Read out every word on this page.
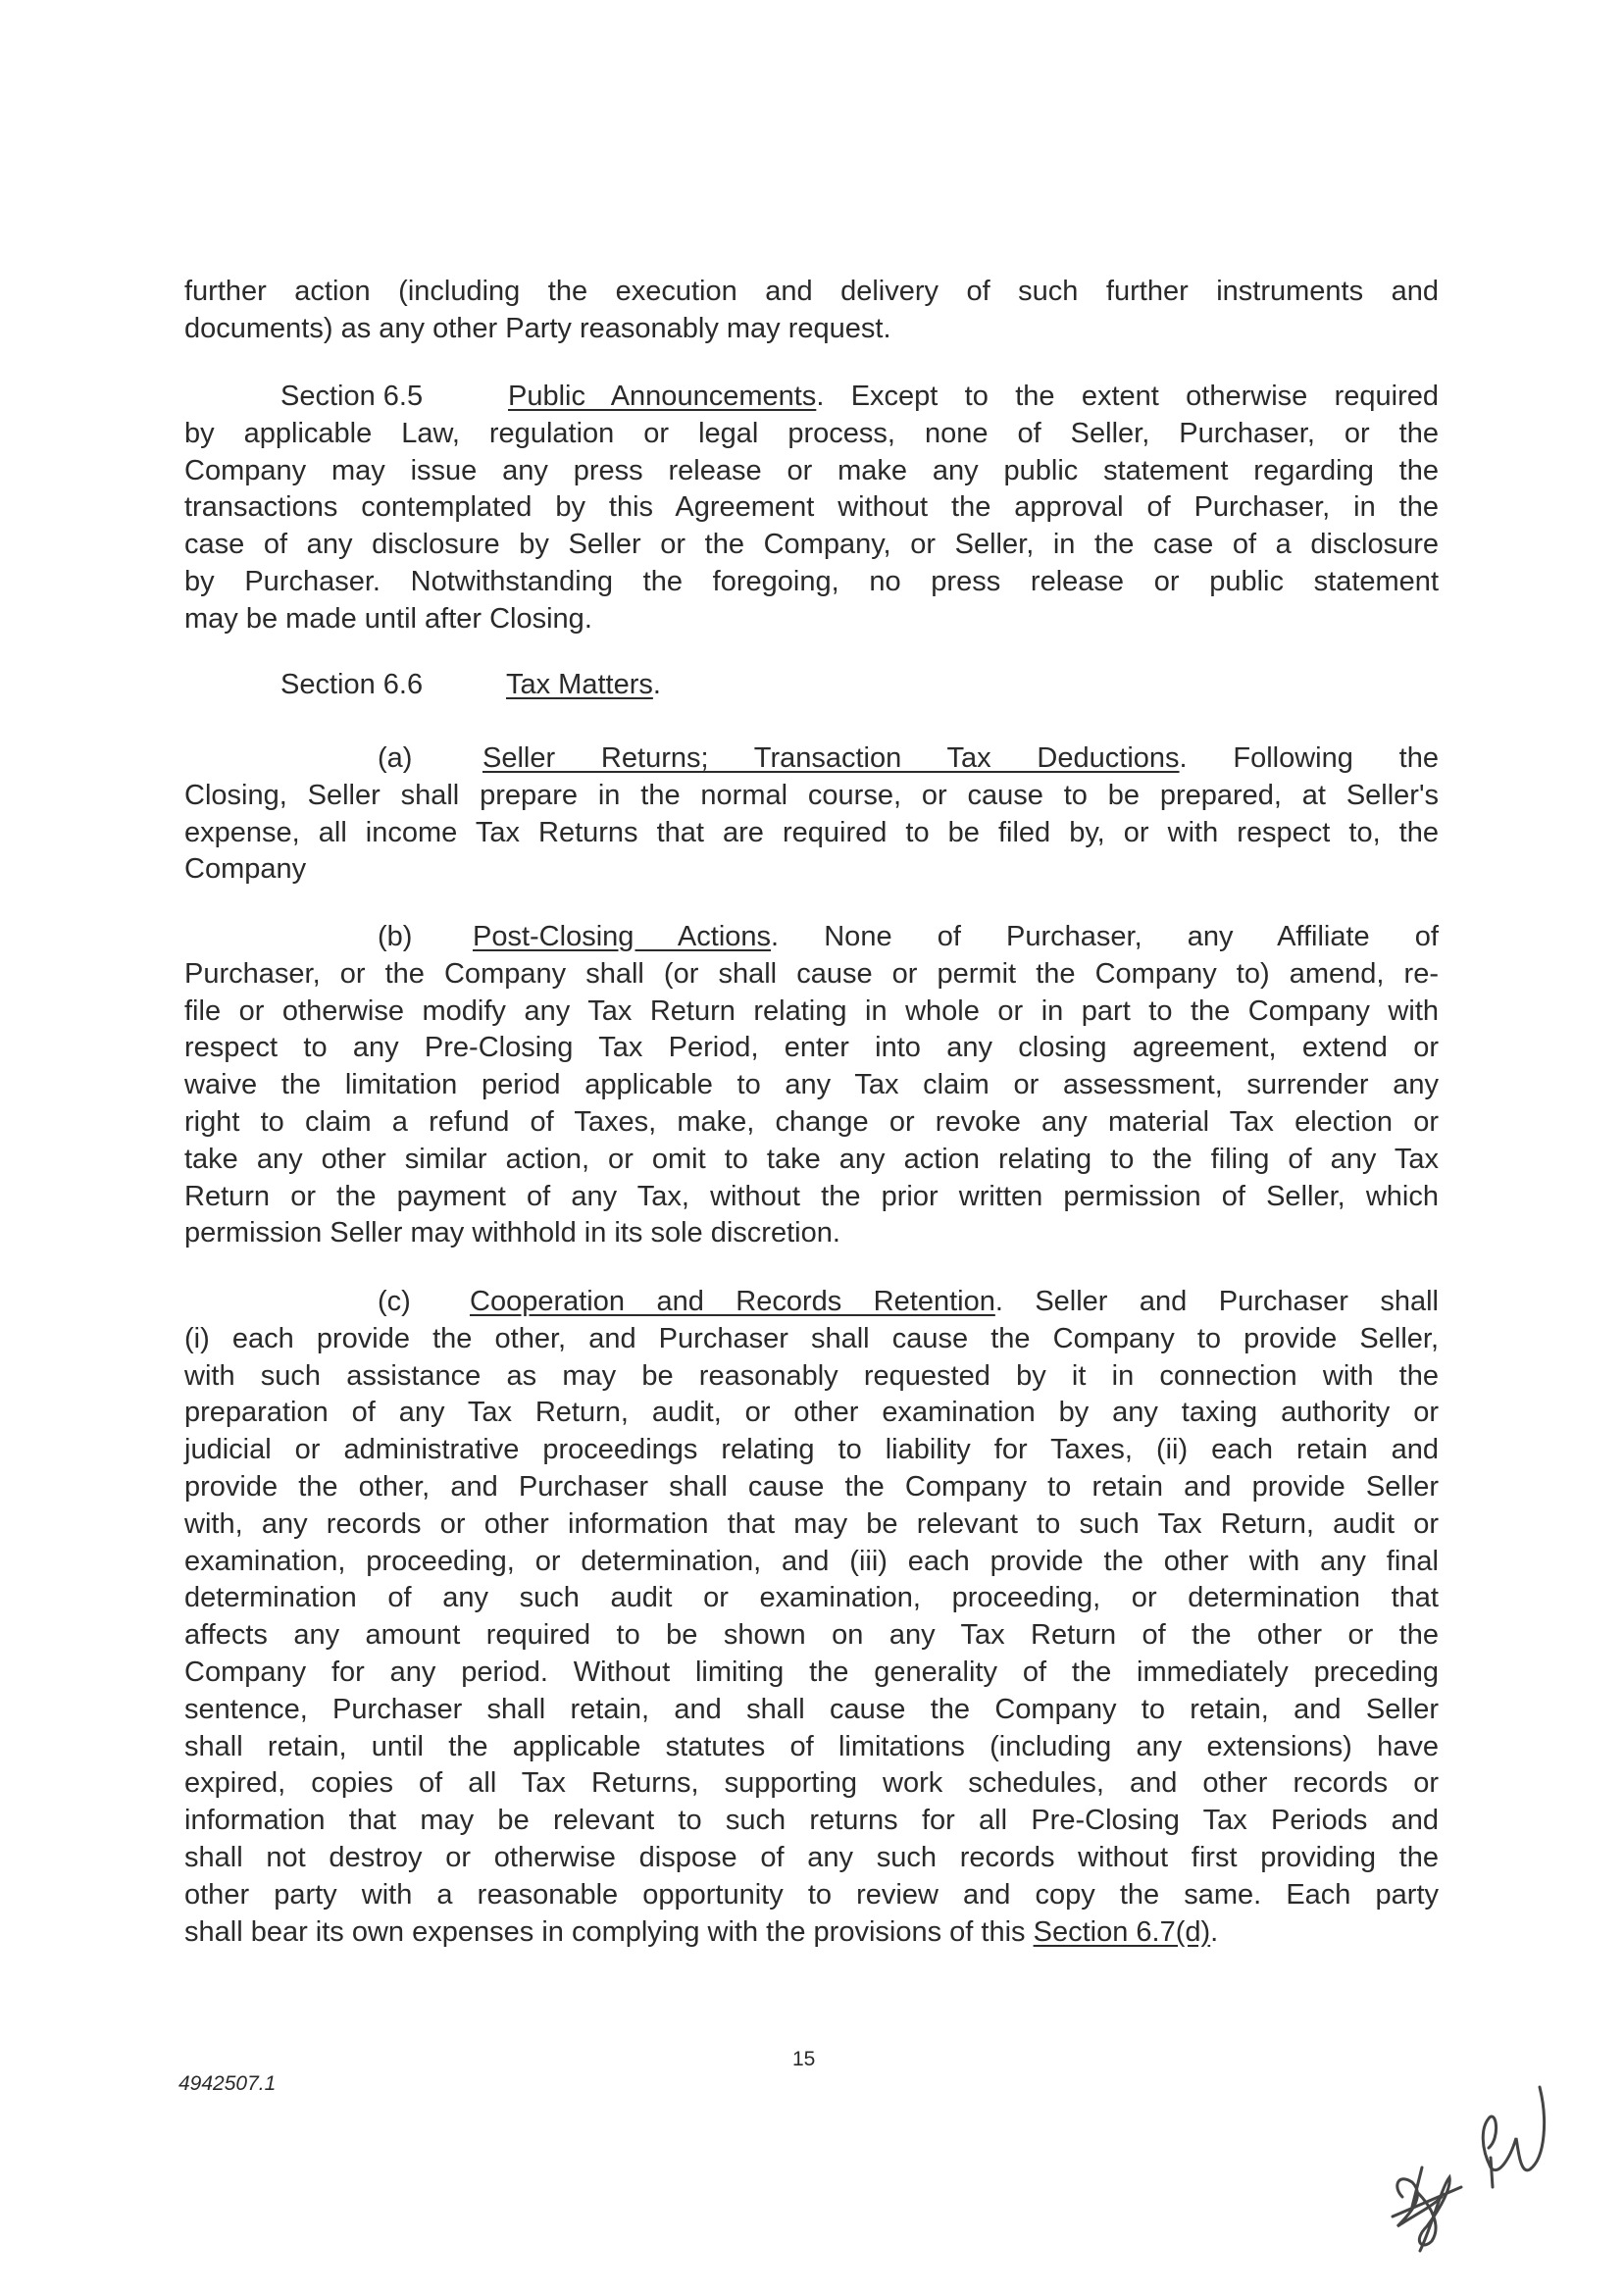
further action (including the execution and delivery of such further instruments and
documents) as any other Party reasonably may request.
Section 6.5	Public Announcements. Except to the extent otherwise required
by applicable Law, regulation or legal process, none of Seller, Purchaser, or the
Company may issue any press release or make any public statement regarding the
transactions contemplated by this Agreement without the approval of Purchaser, in the
case of any disclosure by Seller or the Company, or Seller, in the case of a disclosure
by Purchaser. Notwithstanding the foregoing, no press release or public statement
may be made until after Closing.
Section 6.6	Tax Matters.
(a) Seller Returns; Transaction Tax Deductions. Following the
Closing, Seller shall prepare in the normal course, or cause to be prepared, at Seller's
expense, all income Tax Returns that are required to be filed by, or with respect to, the
Company
(b) Post-Closing Actions. None of Purchaser, any Affiliate of
Purchaser, or the Company shall (or shall cause or permit the Company to) amend, re-
file or otherwise modify any Tax Return relating in whole or in part to the Company with
respect to any Pre-Closing Tax Period, enter into any closing agreement, extend or
waive the limitation period applicable to any Tax claim or assessment, surrender any
right to claim a refund of Taxes, make, change or revoke any material Tax election or
take any other similar action, or omit to take any action relating to the filing of any Tax
Return or the payment of any Tax, without the prior written permission of Seller, which
permission Seller may withhold in its sole discretion.
(c) Cooperation and Records Retention. Seller and Purchaser shall
(i) each provide the other, and Purchaser shall cause the Company to provide Seller,
with such assistance as may be reasonably requested by it in connection with the
preparation of any Tax Return, audit, or other examination by any taxing authority or
judicial or administrative proceedings relating to liability for Taxes, (ii) each retain and
provide the other, and Purchaser shall cause the Company to retain and provide Seller
with, any records or other information that may be relevant to such Tax Return, audit or
examination, proceeding, or determination, and (iii) each provide the other with any final
determination of any such audit or examination, proceeding, or determination that
affects any amount required to be shown on any Tax Return of the other or the
Company for any period. Without limiting the generality of the immediately preceding
sentence, Purchaser shall retain, and shall cause the Company to retain, and Seller
shall retain, until the applicable statutes of limitations (including any extensions) have
expired, copies of all Tax Returns, supporting work schedules, and other records or
information that may be relevant to such returns for all Pre-Closing Tax Periods and
shall not destroy or otherwise dispose of any such records without first providing the
other party with a reasonable opportunity to review and copy the same. Each party
shall bear its own expenses in complying with the provisions of this Section 6.7(d).
15
4942507.1
